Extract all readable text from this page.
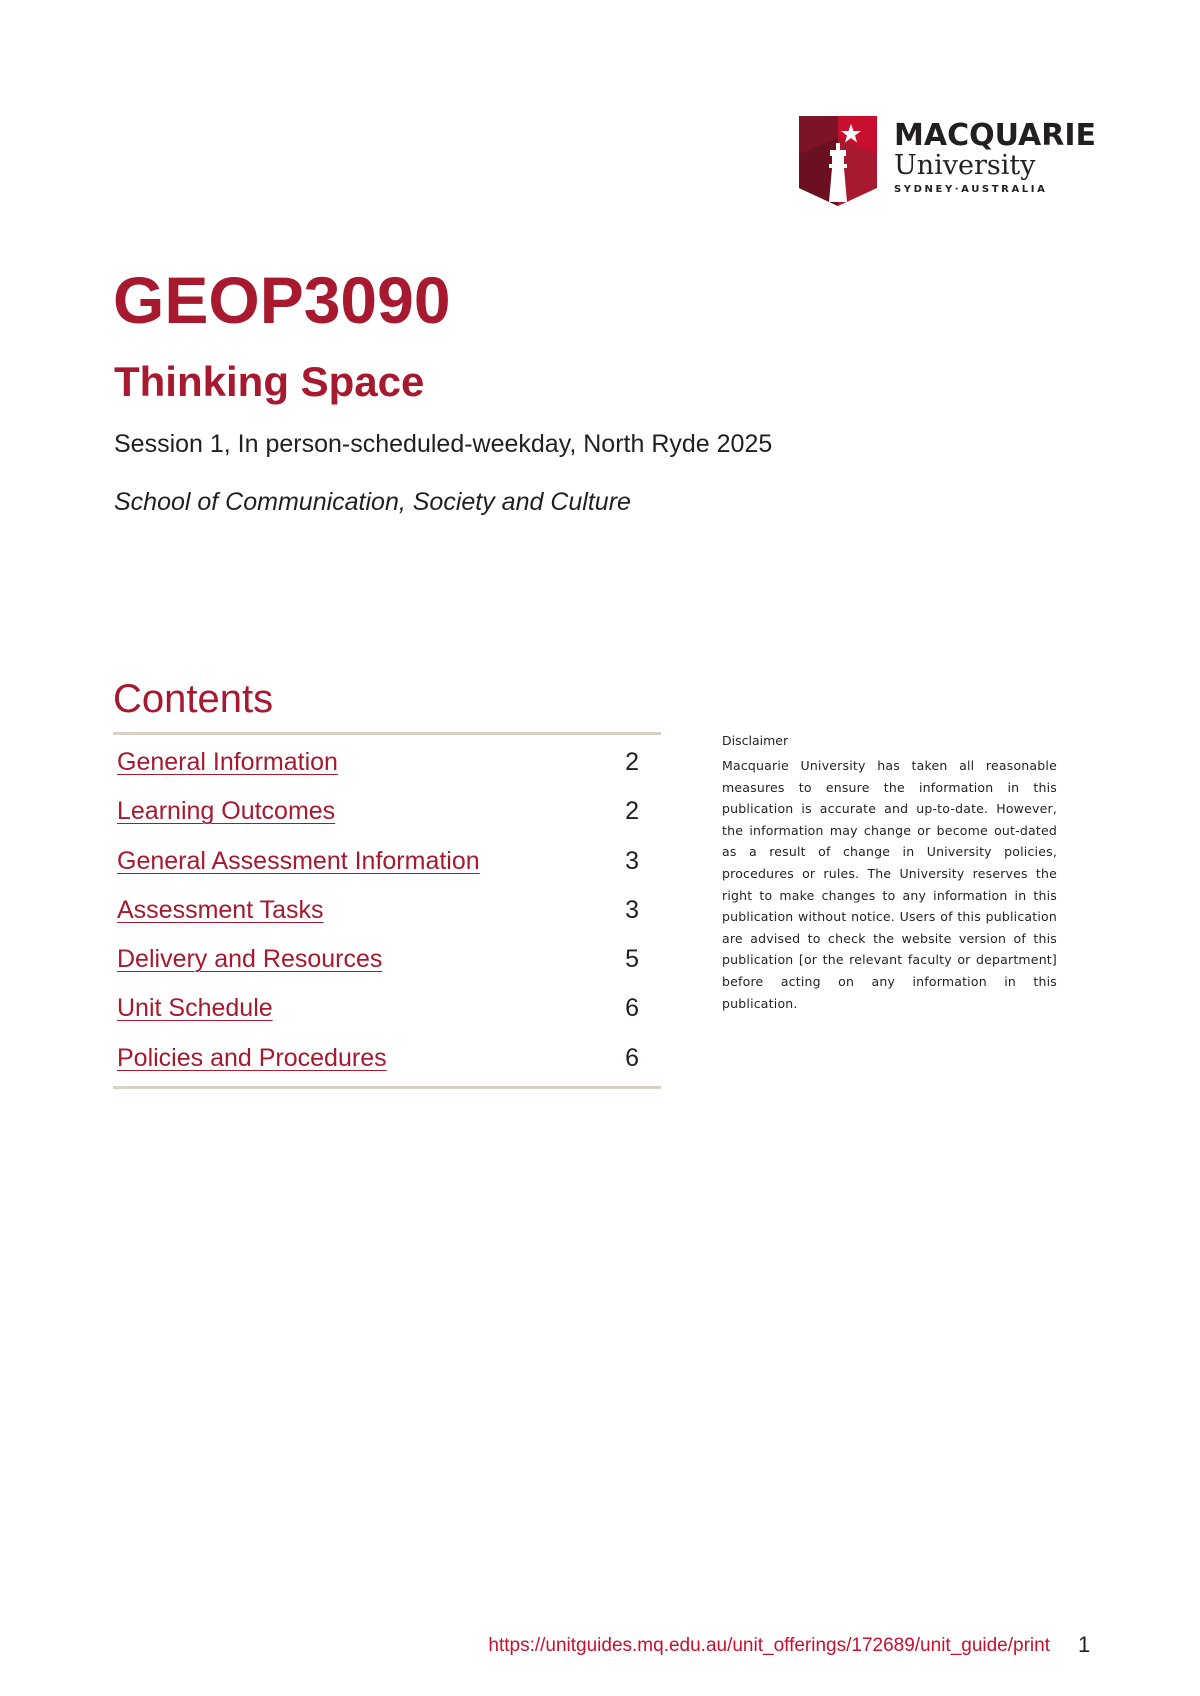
MACQUARIE
University
SYDNEY·AUSTRALIA
GEOP3090
Thinking Space
Session 1, In person-scheduled-weekday, North Ryde 2025
School of Communication, Society and Culture
Contents
General Information	2
Learning Outcomes	2
General Assessment Information	3
Assessment Tasks	3
Delivery and Resources	5
Unit Schedule	6
Policies and Procedures	6
Disclaimer
Macquarie University has taken all reasonable measures to ensure the information in this publication is accurate and up-to-date. However, the information may change or become out-dated as a result of change in University policies, procedures or rules. The University reserves the right to make changes to any information in this publication without notice. Users of this publication are advised to check the website version of this publication [or the relevant faculty or department] before acting on any information in this publication.
https://unitguides.mq.edu.au/unit_offerings/172689/unit_guide/print 1
